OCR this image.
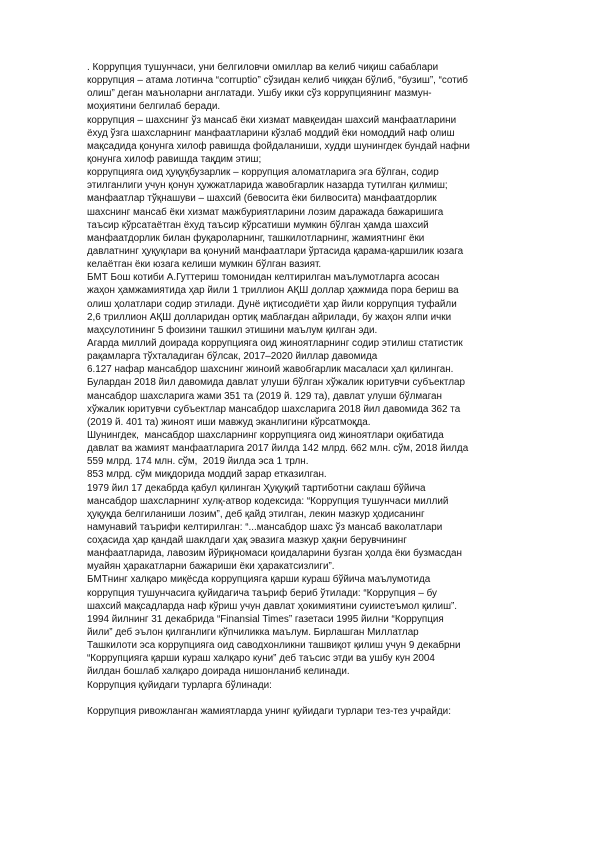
. Коррупция тушунчаси, уни белгиловчи омиллар ва келиб чиқиш сабаблари
коррупция – атама лотинча “corruptio” сўзидан келиб чиққан бўлиб, “бузиш”, “сотиб
олиш” деган маъноларни англатади. Ушбу икки сўз коррупциянинг мазмун-
моҳиятини белгилаб беради.
коррупция – шахснинг ўз мансаб ёки хизмат мавқеидан шахсий манфаатларини
ёхуд ўзга шахсларнинг манфаатларини кўзлаб моддий ёки номоддий наф олиш
мақсадида қонунга хилоф равишда фойдаланиши, худди шунингдек бундай нафни
қонунга хилоф равишда тақдим этиш;
коррупцияга оид ҳуқуқбузарлик – коррупция аломатларига эга бўлган, содир
этилганлиги учун қонун ҳужжатларида жавобгарлик назарда тутилган қилмиш;
манфаатлар тўқнашуви – шахсий (бевосита ёки билвосита) манфаатдорлик
шахснинг мансаб ёки хизмат мажбуриятларини лозим даражада бажаришига
таъсир кўрсатаётган ёхуд таъсир кўрсатиши мумкин бўлган ҳамда шахсий
манфаатдорлик билан фуқароларнинг, ташкилотларнинг, жамиятнинг ёки
давлатнинг ҳуқуқлари ва қонуний манфаатлари ўртасида қарама-қаршилик юзага
келаётган ёки юзага келиши мумкин бўлган вазият.
БМТ Бош котиби А.Гуттериш томонидан келтирилган маълумотларга асосан
жаҳон ҳамжамиятида ҳар йили 1 триллион АҚШ доллар ҳажмида пора бериш ва
олиш ҳолатлари содир этилади. Дунё иқтисодиёти ҳар йили коррупция туфайли
2,6 триллион АҚШ долларидан ортиқ маблағдан айрилади, бу жаҳон ялпи ички
маҳсулотининг 5 фоизини ташкил этишини маълум қилган эди.
Агарда миллий доирада коррупцияга оид жиноятларнинг содир этилиш статистик
рақамларга тўхталадиган бўлсак, 2017–2020 йиллар давомида
6.127 нафар мансабдор шахснинг жиноий жавобгарлик масаласи ҳал қилинган.
Булардан 2018 йил давомида давлат улуши бўлган хўжалик юритувчи субъектлар
мансабдор шахсларига жами 351 та (2019 й. 129 та), давлат улуши бўлмаган
хўжалик юритувчи субъектлар мансабдор шахсларига 2018 йил давомида 362 та
(2019 й. 401 та) жиноят иши мавжуд эканлигини кўрсатмоқда.
Шунингдек,  мансабдор шахсларнинг коррупцияга оид жиноятлари оқибатида
давлат ва жамият манфаатларига 2017 йилда 142 млрд. 662 млн. сўм, 2018 йилда
559 млрд. 174 млн. сўм,  2019 йилда эса 1 трлн.
853 млрд. сўм миқдорида моддий зарар етказилган.
1979 йил 17 декабрда қабул қилинган Ҳуқуқий тартиботни сақлаш бўйича
мансабдор шахсларнинг хулқ-атвор кодексида: “Коррупция тушунчаси миллий
ҳуқуқда белгиланиши лозим”, деб қайд этилган, лекин мазкур ҳодисанинг
намунавий таърифи келтирилган: “...мансабдор шахс ўз мансаб ваколатлари
соҳасида ҳар қандай шаклдаги ҳақ эвазига мазкур ҳақни берувчининг
манфаатларида, лавозим йўриқномаси қоидаларини бузган ҳолда ёки бузмасдан
муайян ҳаракатларни бажариши ёки ҳаракатсизлиги”.
БМТнинг халқаро миқёсда коррупцияга қарши кураш бўйича маълумотида
коррупция тушунчасига қуйидагича таъриф бериб ўтилади: “Коррупция – бу
шахсий мақсадларда наф кўриш учун давлат ҳокимиятини суиистеъмол қилиш”.
1994 йилнинг 31 декабрида “Finansial Times” газетаси 1995 йилни “Коррупция
йили” деб эълон қилганлиги кўпчиликка маълум. Бирлашган Миллатлар
Ташкилоти эса коррупцияга оид саводхонликни ташвиқот қилиш учун 9 декабрни
“Коррупцияга қарши кураш халқаро куни” деб таъсис этди ва ушбу кун 2004
йилдан бошлаб халқаро доирада нишонланиб келинади.
Коррупция қуйидаги турларга бўлинади:
Коррупция ривожланган жамиятларда унинг қуйидаги турлари тез-тез учрайди:
